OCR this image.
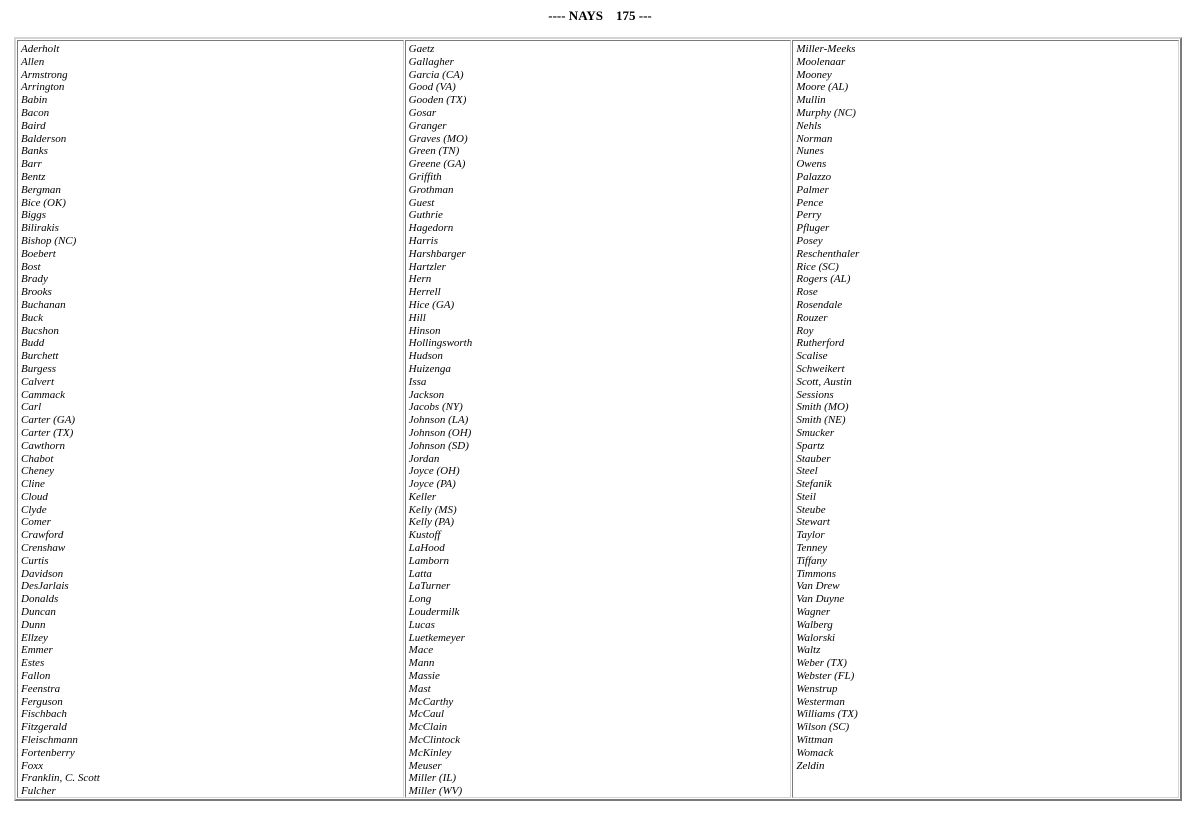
---- NAYS    175 ---
Aderholt
Allen
Armstrong
Arrington
Babin
Bacon
Baird
Balderson
Banks
Barr
Bentz
Bergman
Bice (OK)
Biggs
Bilirakis
Bishop (NC)
Boebert
Bost
Brady
Brooks
Buchanan
Buck
Bucshon
Budd
Burchett
Burgess
Calvert
Cammack
Carl
Carter (GA)
Carter (TX)
Cawthorn
Chabot
Cheney
Cline
Cloud
Clyde
Comer
Crawford
Crenshaw
Curtis
Davidson
DesJarlais
Donalds
Duncan
Dunn
Ellzey
Emmer
Estes
Fallon
Feenstra
Ferguson
Fischbach
Fitzgerald
Fleischmann
Fortenberry
Foxx
Franklin, C. Scott
Fulcher
Gaetz
Gallagher
Garcia (CA)
Good (VA)
Gooden (TX)
Gosar
Granger
Graves (MO)
Green (TN)
Greene (GA)
Griffith
Grothman
Guest
Guthrie
Hagedorn
Harris
Harshbarger
Hartzler
Hern
Herrell
Hice (GA)
Hill
Hinson
Hollingsworth
Hudson
Huizenga
Issa
Jackson
Jacobs (NY)
Johnson (LA)
Johnson (OH)
Johnson (SD)
Jordan
Joyce (OH)
Joyce (PA)
Keller
Kelly (MS)
Kelly (PA)
Kustoff
LaHood
Lamborn
Latta
LaTurner
Long
Loudermilk
Lucas
Luetkemeyer
Mace
Mann
Massie
Mast
McCarthy
McCaul
McClain
McClintock
McKinley
Meuser
Miller (IL)
Miller (WV)
Miller-Meeks
Moolenaar
Mooney
Moore (AL)
Mullin
Murphy (NC)
Nehls
Norman
Nunes
Owens
Palazzo
Palmer
Pence
Perry
Pfluger
Posey
Reschenthaler
Rice (SC)
Rogers (AL)
Rose
Rosendale
Rouzer
Roy
Rutherford
Scalise
Schweikert
Scott, Austin
Sessions
Smith (MO)
Smith (NE)
Smucker
Spartz
Stauber
Steel
Stefanik
Steil
Steube
Stewart
Taylor
Tenney
Tiffany
Timmons
Van Drew
Van Duyne
Wagner
Walberg
Walorski
Waltz
Weber (TX)
Webster (FL)
Wenstrup
Westerman
Williams (TX)
Wilson (SC)
Wittman
Womack
Zeldin
